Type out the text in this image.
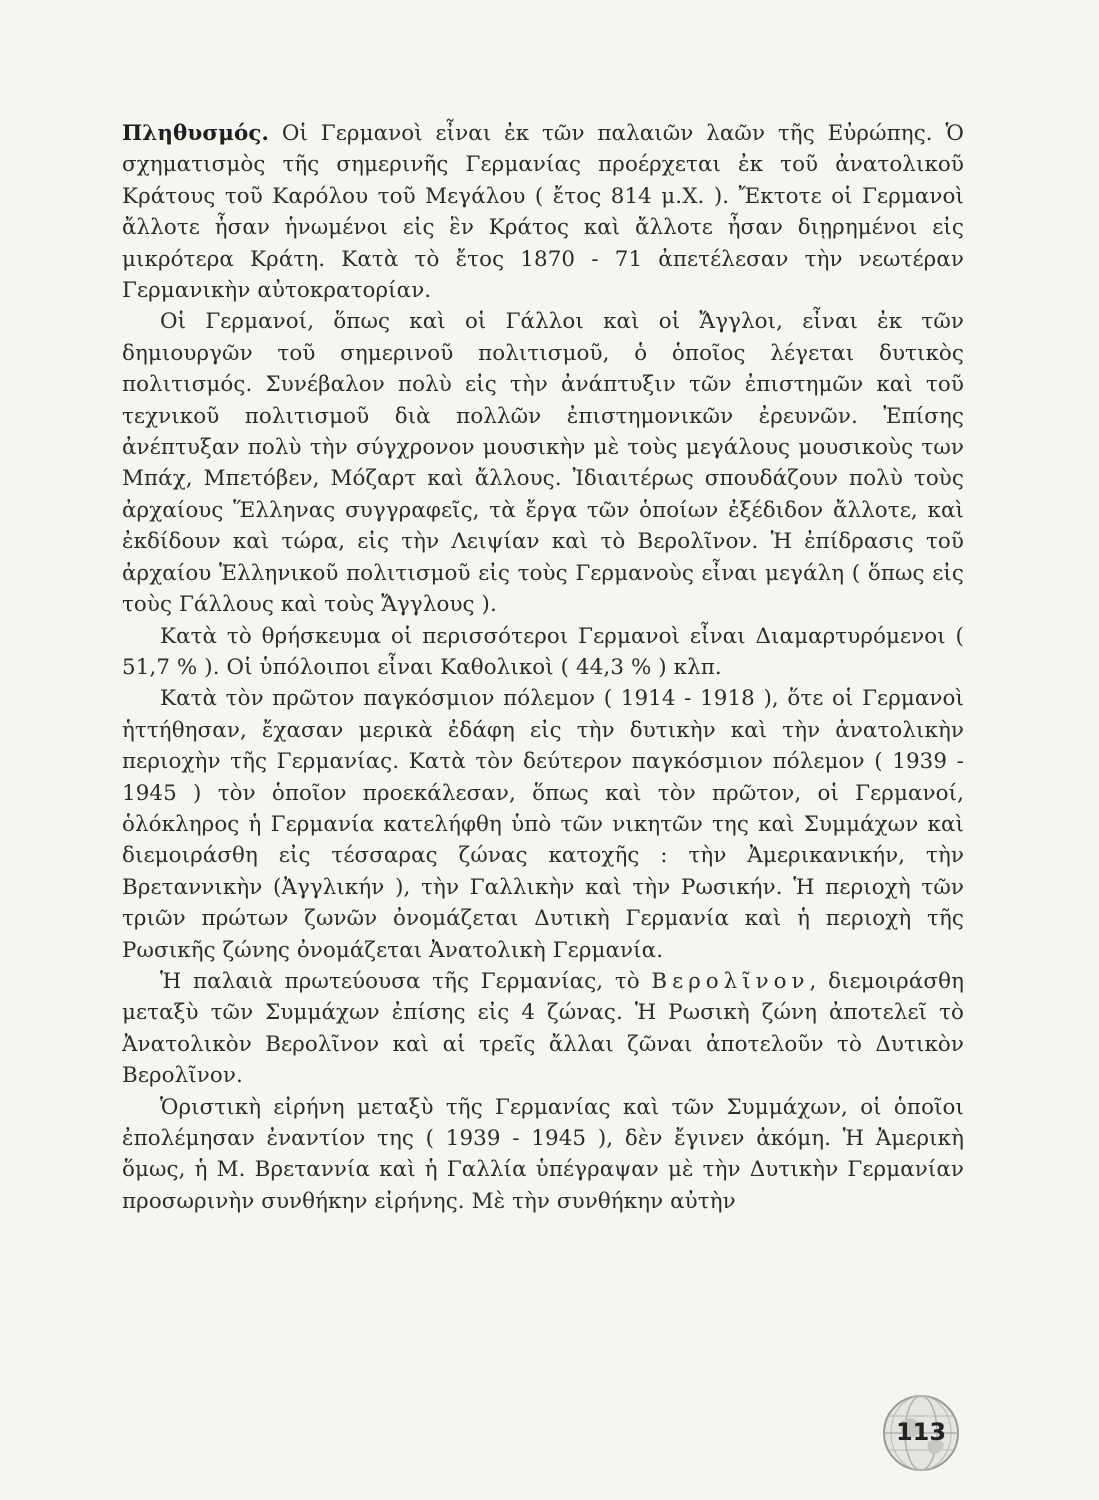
Πληθυσμός. Οἱ Γερμανοὶ εἶναι ἐκ τῶν παλαιῶν λαῶν τῆς Εὐρώπης. Ὁ σχηματισμὸς τῆς σημερινῆς Γερμανίας προέρχεται ἐκ τοῦ ἀνατολικοῦ Κράτους τοῦ Καρόλου τοῦ Μεγάλου ( ἔτος 814 μ.Χ. ). Ἔκτοτε οἱ Γερμανοὶ ἄλλοτε ἦσαν ἡνωμένοι εἰς ἓν Κράτος καὶ ἄλλοτε ἦσαν διῃρημένοι εἰς μικρότερα Κράτη. Κατὰ τὸ ἔτος 1870 - 71 ἀπετέλεσαν τὴν νεωτέραν Γερμανικὴν αὐτοκρατορίαν.

Οἱ Γερμανοί, ὅπως καὶ οἱ Γάλλοι καὶ οἱ Ἄγγλοι, εἶναι ἐκ τῶν δημιουργῶν τοῦ σημερινοῦ πολιτισμοῦ, ὁ ὁποῖος λέγεται δυτικὸς πολιτισμός. Συνέβαλον πολὺ εἰς τὴν ἀνάπτυξιν τῶν ἐπιστημῶν καὶ τοῦ τεχνικοῦ πολιτισμοῦ διὰ πολλῶν ἐπιστημονικῶν ἐρευνῶν. Ἐπίσης ἀνέπτυξαν πολὺ τὴν σύγχρονον μουσικὴν μὲ τοὺς μεγάλους μουσικοὺς των Μπάχ, Μπετόβεν, Μόζαρτ καὶ ἄλλους. Ἰδιαιτέρως σπουδάζουν πολὺ τοὺς ἀρχαίους Ἕλληνας συγγραφεῖς, τὰ ἔργα τῶν ὁποίων ἐξέδιδον ἄλλοτε, καὶ ἐκδίδουν καὶ τώρα, εἰς τὴν Λειψίαν καὶ τὸ Βερολῖνον. Ἡ ἐπίδρασις τοῦ ἀρχαίου Ἑλληνικοῦ πολιτισμοῦ εἰς τοὺς Γερμανοὺς εἶναι μεγάλη ( ὅπως εἰς τοὺς Γάλλους καὶ τοὺς Ἄγγλους ).

Κατὰ τὸ θρήσκευμα οἱ περισσότεροι Γερμανοὶ εἶναι Διαμαρτυρόμενοι ( 51,7 % ). Οἱ ὑπόλοιποι εἶναι Καθολικοὶ ( 44,3 % ) κλπ.

Κατὰ τὸν πρῶτον παγκόσμιον πόλεμον ( 1914 - 1918 ), ὅτε οἱ Γερμανοὶ ἡττήθησαν, ἔχασαν μερικὰ ἐδάφη εἰς τὴν δυτικὴν καὶ τὴν ἀνατολικὴν περιοχὴν τῆς Γερμανίας. Κατὰ τὸν δεύτερον παγκόσμιον πόλεμον ( 1939 - 1945 ) τὸν ὁποῖον προεκάλεσαν, ὅπως καὶ τὸν πρῶτον, οἱ Γερμανοί, ὁλόκληρος ἡ Γερμανία κατελήφθη ὑπὸ τῶν νικητῶν της καὶ Συμμάχων καὶ διεμοιράσθη εἰς τέσσαρας ζώνας κατοχῆς : τὴν Ἀμερικανικήν, τὴν Βρεταννικὴν (Ἀγγλικήν ), τὴν Γαλλικὴν καὶ τὴν Ρωσικήν. Ἡ περιοχὴ τῶν τριῶν πρώτων ζωνῶν ὀνομάζεται Δυτικὴ Γερμανία καὶ ἡ περιοχὴ τῆς Ρωσικῆς ζώνης ὀνομάζεται Ἀνατολικὴ Γερμανία.

Ἡ παλαιὰ πρωτεύουσα τῆς Γερμανίας, τὸ Βερολῖνον, διεμοιράσθη μεταξὺ τῶν Συμμάχων ἐπίσης εἰς 4 ζώνας. Ἡ Ρωσικὴ ζώνη ἀποτελεῖ τὸ Ἀνατολικὸν Βερολῖνον καὶ αἱ τρεῖς ἄλλαι ζῶναι ἀποτελοῦν τὸ Δυτικὸν Βερολῖνον.

Ὁριστικὴ εἰρήνη μεταξὺ τῆς Γερμανίας καὶ τῶν Συμμάχων, οἱ ὁποῖοι ἐπολέμησαν ἐναντίον της ( 1939 - 1945 ), δὲν ἔγινεν ἀκόμη. Ἡ Ἀμερικὴ ὅμως, ἡ Μ. Βρεταννία καὶ ἡ Γαλλία ὑπέγραψαν μὲ τὴν Δυτικὴν Γερμανίαν προσωρινὴν συνθήκην εἰρήνης. Μὲ τὴν συνθήκην αὐτὴν

113
